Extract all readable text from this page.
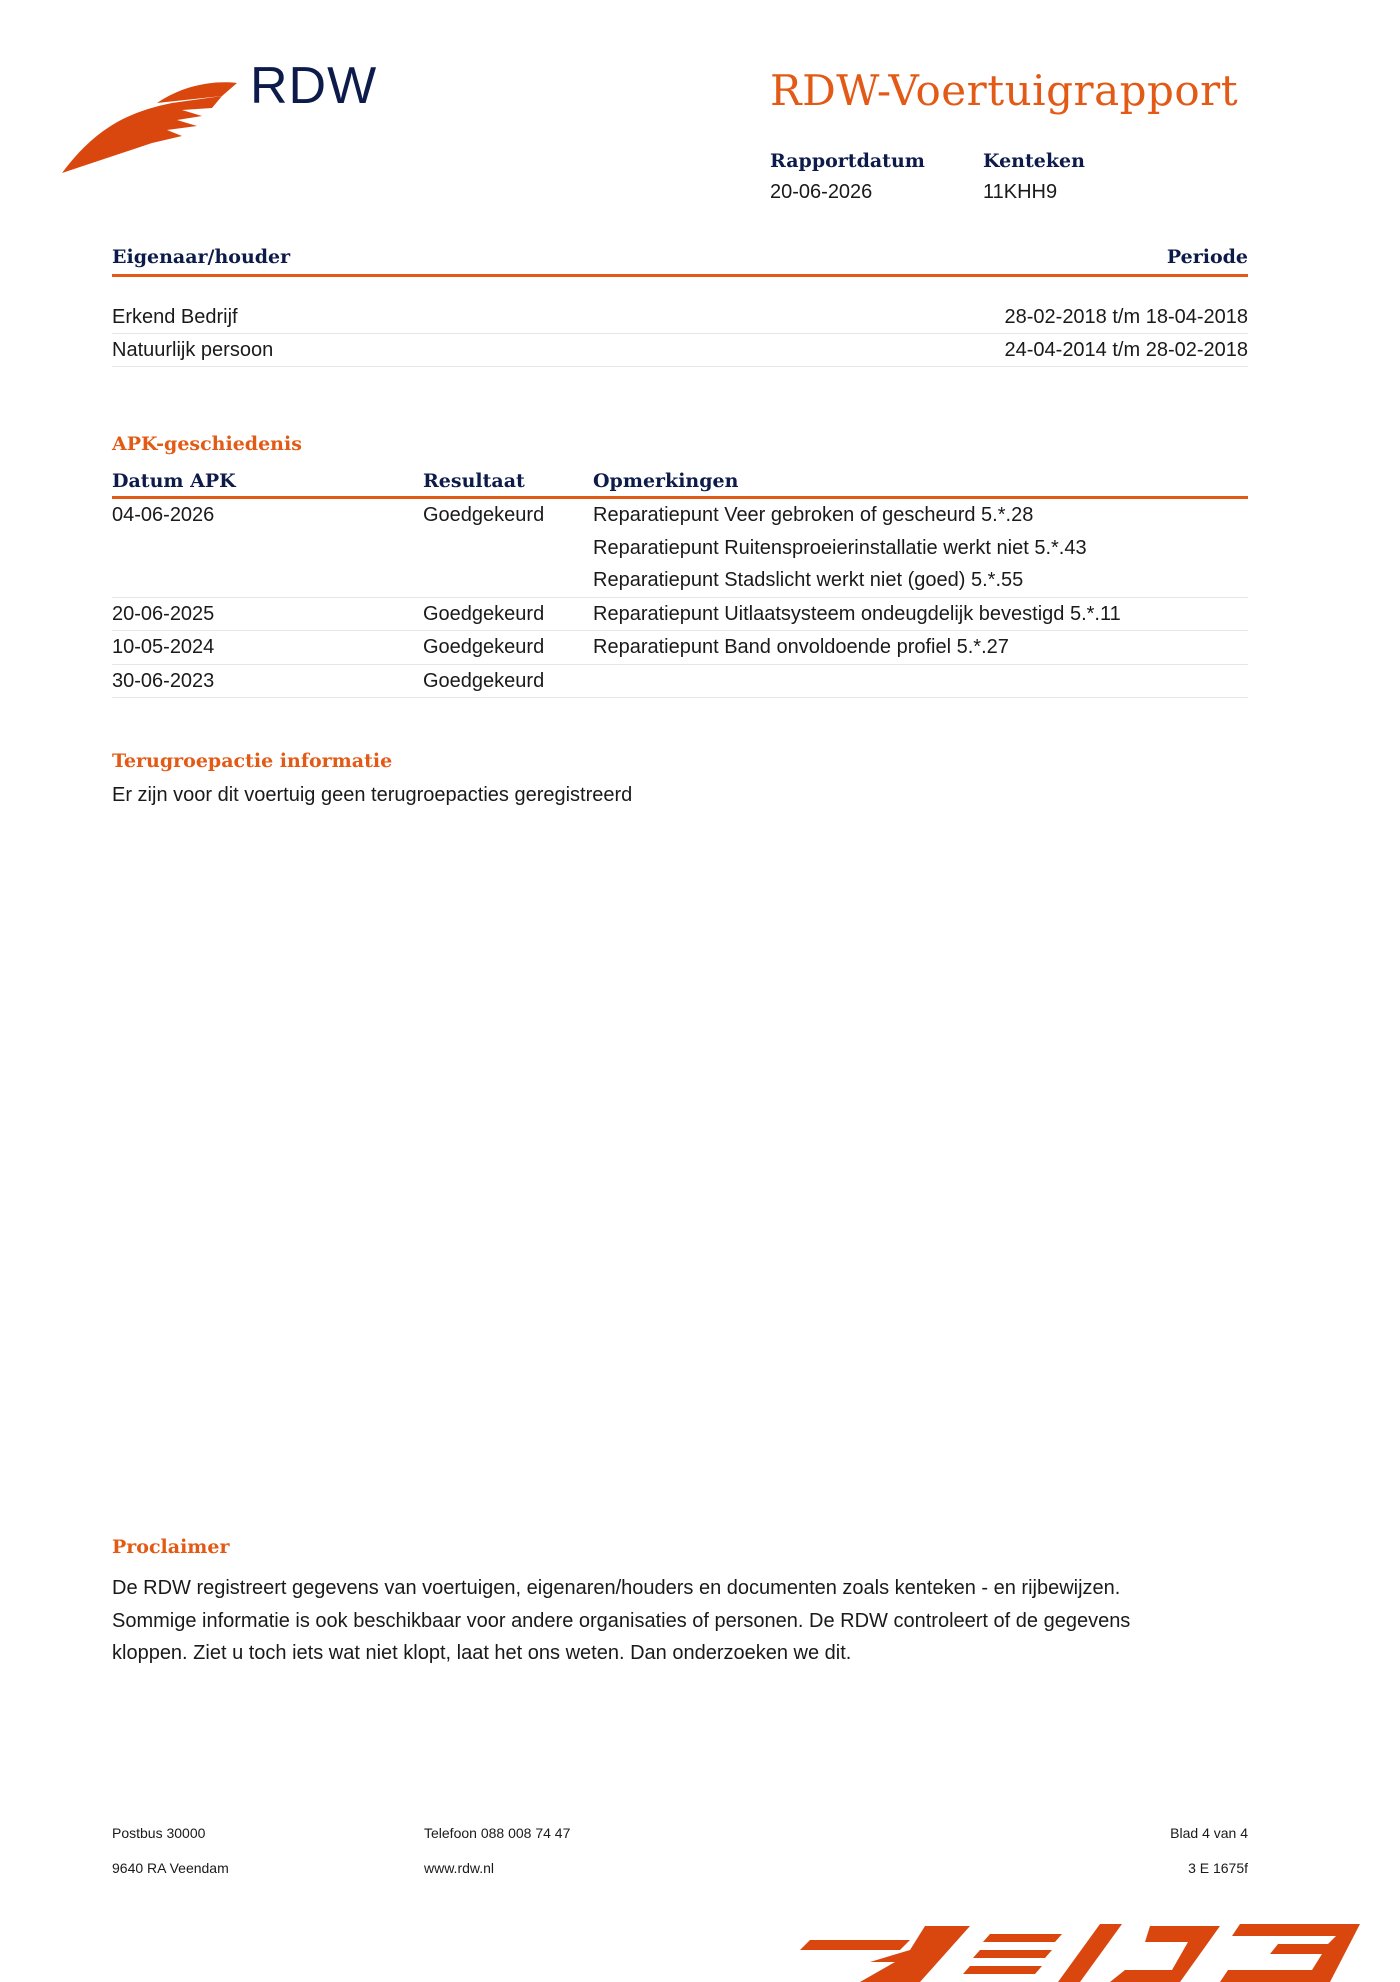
RDW	RDW-Voertuigrapport
Rapportdatum
20-06-2026
Kenteken
11KHH9
Eigenaar/houder	Periode
Erkend Bedrijf	28-02-2018 t/m 18-04-2018
Natuurlijk persoon	24-04-2014 t/m 28-02-2018
APK-geschiedenis
Datum APK	Resultaat	Opmerkingen
04-06-2026	Goedgekeurd	Reparatiepunt Veer gebroken of gescheurd 5.*.28
Reparatiepunt Ruitensproeierinstallatie werkt niet 5.*.43
Reparatiepunt Stadslicht werkt niet (goed) 5.*.55
20-06-2025	Goedgekeurd	Reparatiepunt Uitlaatsysteem ondeugdelijk bevestigd 5.*.11
10-05-2024	Goedgekeurd	Reparatiepunt Band onvoldoende profiel 5.*.27
30-06-2023	Goedgekeurd
Terugroepactie informatie
Er zijn voor dit voertuig geen terugroepacties geregistreerd
Proclaimer
De RDW registreert gegevens van voertuigen, eigenaren/houders en documenten zoals kenteken - en rijbewijzen.
Sommige informatie is ook beschikbaar voor andere organisaties of personen. De RDW controleert of de gegevens
kloppen. Ziet u toch iets wat niet klopt, laat het ons weten. Dan onderzoeken we dit.
Postbus 30000
9640 RA Veendam
Telefoon 088 008 74 47
www.rdw.nl
Blad 4 van 4
3 E 1675f
